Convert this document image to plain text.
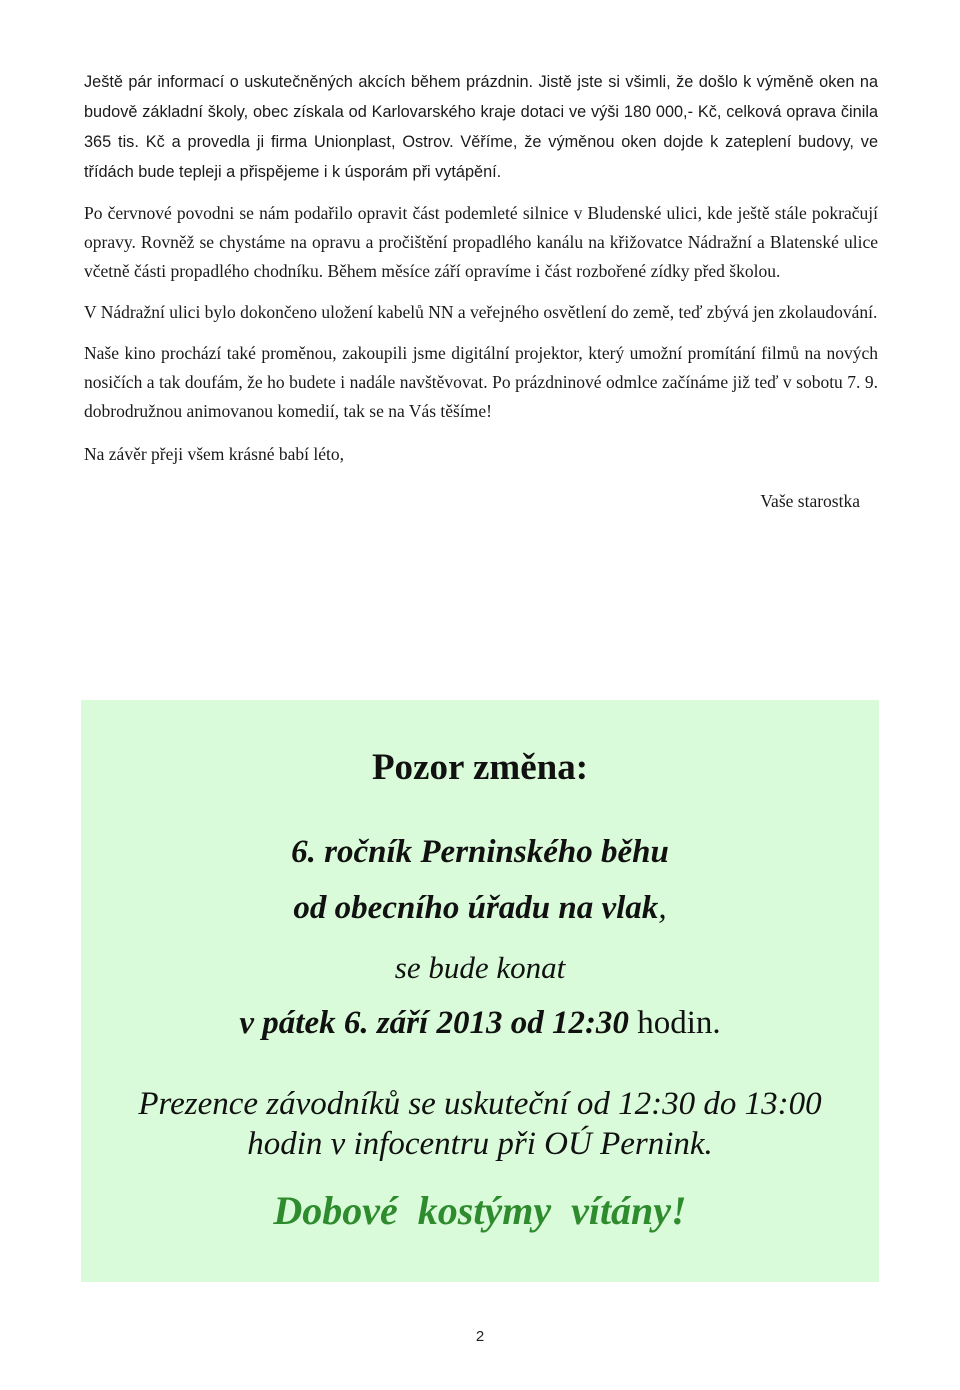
Ještě pár informací o uskutečněných akcích během prázdnin. Jistě jste si všimli, že došlo k výměně oken na budově základní školy, obec získala od Karlovarského kraje dotaci ve výši 180 000,- Kč, celková oprava činila 365 tis. Kč a provedla ji firma Unionplast, Ostrov. Věříme, že výměnou oken dojde k zateplení budovy, ve třídách bude tepleji a přispějeme i k úsporám při vytápění.

Po červnové povodni se nám podařilo opravit část podemleté silnice v Bludenské ulici, kde ještě stále pokračují opravy. Rovněž se chystáme na opravu a pročištění propadlého kanálu na křižovatce Nádražní a Blatenské ulice včetně části propadlého chodníku. Během měsíce září opravíme i část rozbořené zídky před školou.

V Nádražní ulici bylo dokončeno uložení kabelů NN a veřejného osvětlení do země, teď zbývá jen zkolaudování.

Naše kino prochází také proměnou, zakoupili jsme digitální projektor, který umožní promítání filmů na nových nosičích a tak doufám, že ho budete i nadále navštěvovat. Po prázdninové odmlce začínáme již teď v sobotu 7. 9. dobrodružnou animovanou komedií, tak se na Vás těšíme!

Na závěr přeji všem krásné babí léto,

Vaše starostka

Pozor změna:
6. ročník Perninského běhu
od obecního úřadu na vlak,
se bude konat
v pátek 6. září 2013 od 12:30 hodin.
Prezence závodníků se uskuteční od 12:30 do 13:00
hodin v infocentru při OÚ Pernink.
Dobové  kostýmy  vítány!
2
